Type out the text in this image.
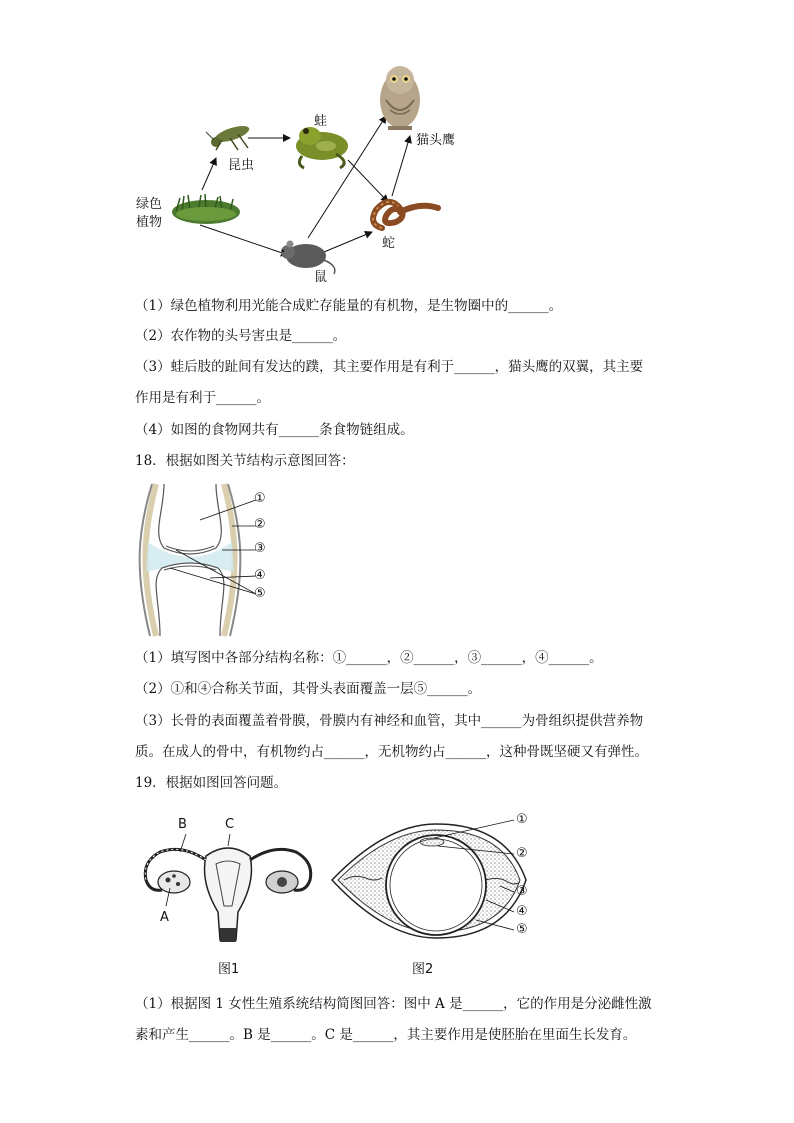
绿色
植物
昆虫
蛙
猫头鹰
蛇
鼠
（1）绿色植物利用光能合成贮存能量的有机物，是生物圈中的______。
（2）农作物的头号害虫是______。
（3）蛙后肢的趾间有发达的蹼，其主要作用是有利于______，猫头鹰的双翼，其主要
作用是有利于______。
（4）如图的食物网共有______条食物链组成。
18．根据如图关节结构示意图回答：
①
②
③
④
⑤
（1）填写图中各部分结构名称：①______，②______，③______，④______。
（2）①和④合称关节面，其骨头表面覆盖一层⑤______。
（3）长骨的表面覆盖着骨膜，骨膜内有神经和血管，其中______为骨组织提供营养物
质。在成人的骨中，有机物约占______，无机物约占______，这种骨既坚硬又有弹性。
19．根据如图回答问题。
B	C
A
图1
①
②
③
④
⑤
图2
（1）根据图 1 女性生殖系统结构简图回答：图中 A 是______，它的作用是分泌雌性激
素和产生______。B 是______。C 是______，其主要作用是使胚胎在里面生长发育。
